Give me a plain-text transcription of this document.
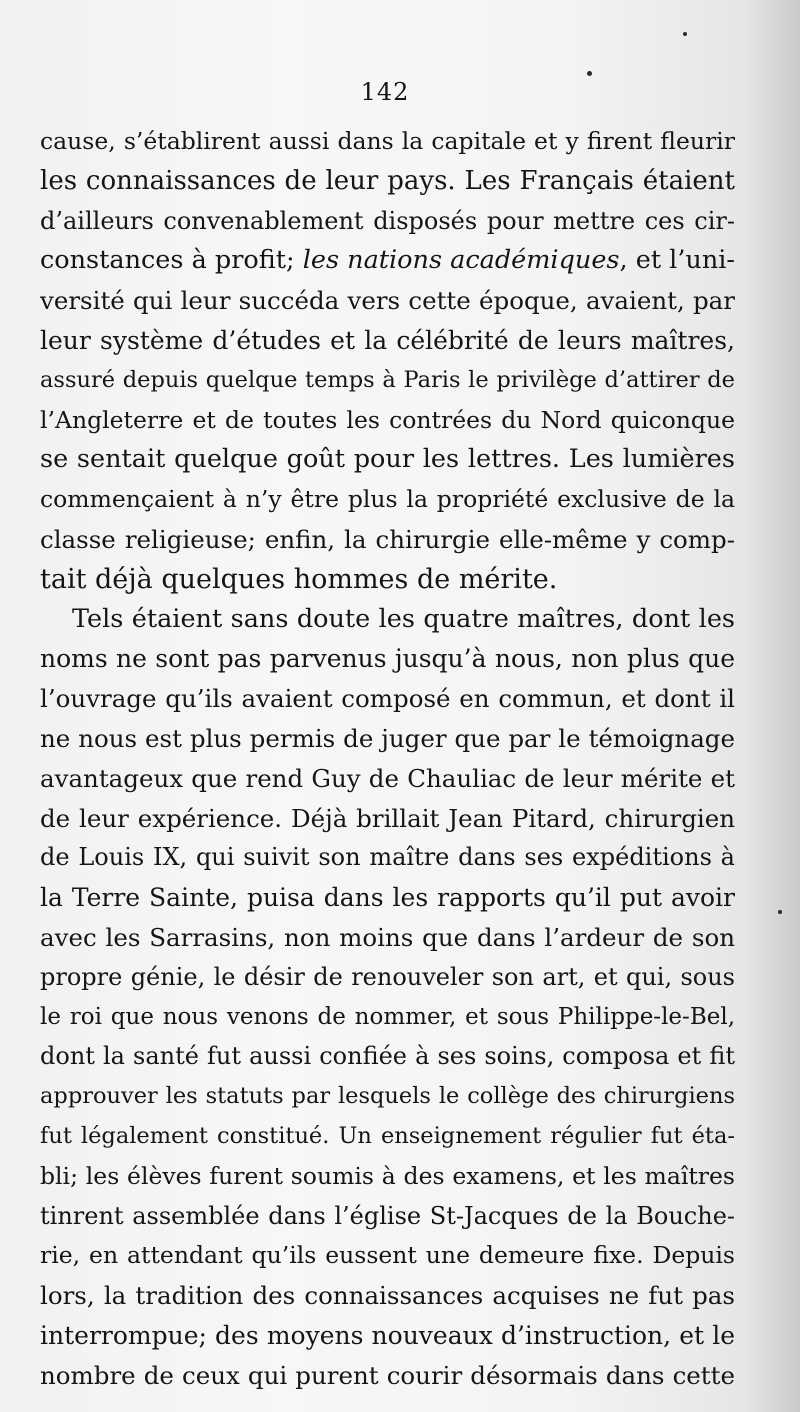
142
cause, s’établirent aussi dans la capitale et y firent fleurir
les connaissances de leur pays. Les Français étaient
d’ailleurs convenablement disposés pour mettre ces cir-
constances à profit; les nations académiques, et l’uni-
versité qui leur succéda vers cette époque, avaient, par
leur système d’études et la célébrité de leurs maîtres,
assuré depuis quelque temps à Paris le privilège d’attirer de
l’Angleterre et de toutes les contrées du Nord quiconque
se sentait quelque goût pour les lettres. Les lumières
commençaient à n’y être plus la propriété exclusive de la
classe religieuse; enfin, la chirurgie elle-même y comp-
tait déjà quelques hommes de mérite.
Tels étaient sans doute les quatre maîtres, dont les
noms ne sont pas parvenus jusqu’à nous, non plus que
l’ouvrage qu’ils avaient composé en commun, et dont il
ne nous est plus permis de juger que par le témoignage
avantageux que rend Guy de Chauliac de leur mérite et
de leur expérience. Déjà brillait Jean Pitard, chirurgien
de Louis IX, qui suivit son maître dans ses expéditions à
la Terre Sainte, puisa dans les rapports qu’il put avoir
avec les Sarrasins, non moins que dans l’ardeur de son
propre génie, le désir de renouveler son art, et qui, sous
le roi que nous venons de nommer, et sous Philippe-le-Bel,
dont la santé fut aussi confiée à ses soins, composa et fit
approuver les statuts par lesquels le collège des chirurgiens
fut légalement constitué. Un enseignement régulier fut éta-
bli; les élèves furent soumis à des examens, et les maîtres
tinrent assemblée dans l’église St-Jacques de la Bouche-
rie, en attendant qu’ils eussent une demeure fixe. Depuis
lors, la tradition des connaissances acquises ne fut pas
interrompue; des moyens nouveaux d’instruction, et le
nombre de ceux qui purent courir désormais dans cette
